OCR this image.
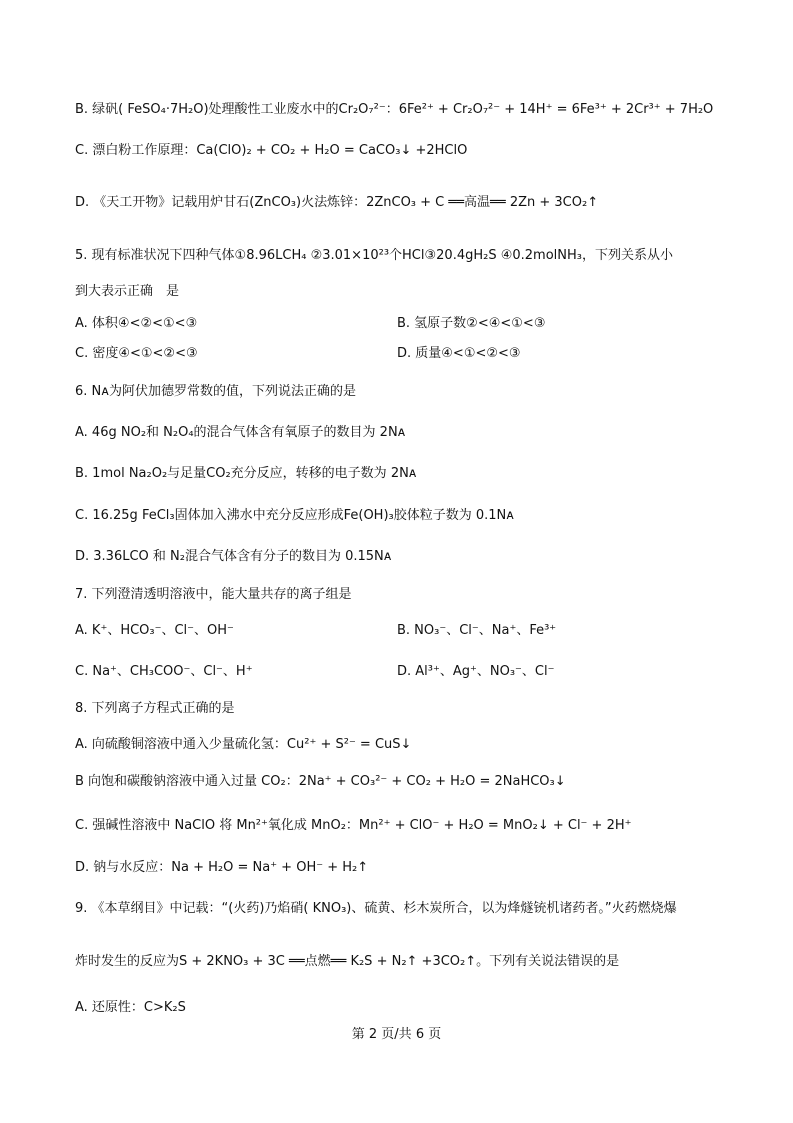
B. 绿矾( FeSO₄·7H₂O)处理酸性工业废水中的Cr₂O₇²⁻：6Fe²⁺ + Cr₂O₇²⁻ + 14H⁺ = 6Fe³⁺ + 2Cr³⁺ + 7H₂O
C. 漂白粉工作原理：Ca(ClO)₂ + CO₂ + H₂O = CaCO₃↓ +2HClO
D. 《天工开物》记载用炉甘石(ZnCO₃)火法炼锌：2ZnCO₃ + C ══高温══ 2Zn + 3CO₂↑
5. 现有标准状况下四种气体①8.96LCH₄ ②3.01×10²³个HCl③20.4gH₂S ④0.2molNH₃，下列关系从小
到大表示正确　是
A. 体积④<②<①<③	B. 氢原子数②<④<①<③
C. 密度④<①<②<③	D. 质量④<①<②<③
6. Nᴀ为阿伏加德罗常数的值，下列说法正确的是
A. 46g NO₂和 N₂O₄的混合气体含有氧原子的数目为 2Nᴀ
B. 1mol Na₂O₂与足量CO₂充分反应，转移的电子数为 2Nᴀ
C. 16.25g FeCl₃固体加入沸水中充分反应形成Fe(OH)₃胶体粒子数为 0.1Nᴀ
D. 3.36LCO 和 N₂混合气体含有分子的数目为 0.15Nᴀ
7. 下列澄清透明溶液中，能大量共存的离子组是
A. K⁺、HCO₃⁻、Cl⁻、OH⁻	B. NO₃⁻、Cl⁻、Na⁺、Fe³⁺
C. Na⁺、CH₃COO⁻、Cl⁻、H⁺	D. Al³⁺、Ag⁺、NO₃⁻、Cl⁻
8. 下列离子方程式正确的是
A. 向硫酸铜溶液中通入少量硫化氢：Cu²⁺ + S²⁻ = CuS↓
B 向饱和碳酸钠溶液中通入过量 CO₂：2Na⁺ + CO₃²⁻ + CO₂ + H₂O = 2NaHCO₃↓
C. 强碱性溶液中 NaClO 将 Mn²⁺氧化成 MnO₂：Mn²⁺ + ClO⁻ + H₂O = MnO₂↓ + Cl⁻ + 2H⁺
D. 钠与水反应：Na + H₂O = Na⁺ + OH⁻ + H₂↑
9. 《本草纲目》中记载：“(火药)乃焰硝( KNO₃)、硫黄、杉木炭所合，以为烽燧铳机诸药者。”火药燃烧爆
炸时发生的反应为S + 2KNO₃ + 3C ══点燃══ K₂S + N₂↑ +3CO₂↑。下列有关说法错误的是
A. 还原性：C>K₂S
第 2 页/共 6 页
